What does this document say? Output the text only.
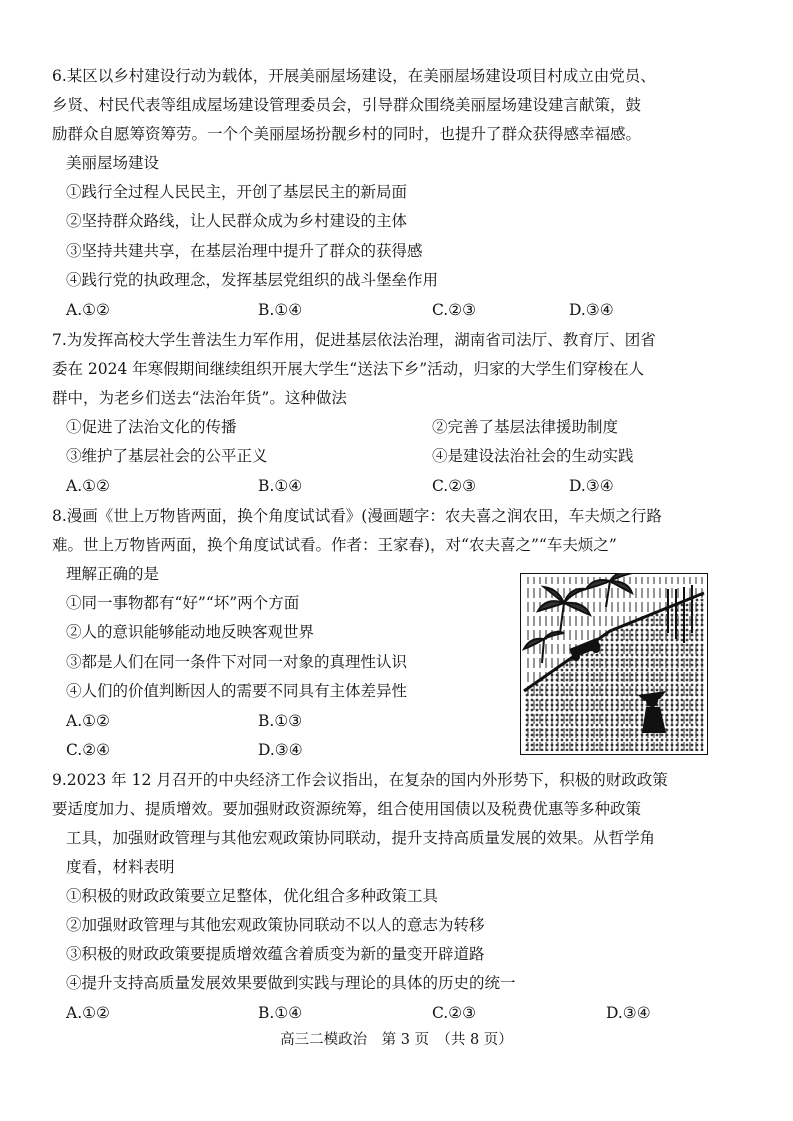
6.某区以乡村建设行动为载体，开展美丽屋场建设，在美丽屋场建设项目村成立由党员、
乡贤、村民代表等组成屋场建设管理委员会，引导群众围绕美丽屋场建设建言献策，鼓
励群众自愿筹资筹劳。一个个美丽屋场扮靓乡村的同时，也提升了群众获得感幸福感。
美丽屋场建设
①践行全过程人民民主，开创了基层民主的新局面
②坚持群众路线，让人民群众成为乡村建设的主体
③坚持共建共享，在基层治理中提升了群众的获得感
④践行党的执政理念，发挥基层党组织的战斗堡垒作用
A.①②	B.①④	C.②③	D.③④
7.为发挥高校大学生普法生力军作用，促进基层依法治理，湖南省司法厅、教育厅、团省
委在 2024 年寒假期间继续组织开展大学生“送法下乡”活动，归家的大学生们穿梭在人
群中，为老乡们送去“法治年货”。这种做法
①促进了法治文化的传播	②完善了基层法律援助制度
③维护了基层社会的公平正义	④是建设法治社会的生动实践
A.①②	B.①④	C.②③	D.③④
8.漫画《世上万物皆两面，换个角度试试看》(漫画题字：农夫喜之润农田，车夫烦之行路
难。世上万物皆两面，换个角度试试看。作者：王家春)，对“农夫喜之”“车夫烦之”
理解正确的是
①同一事物都有“好”“坏”两个方面
②人的意识能够能动地反映客观世界
③都是人们在同一条件下对同一对象的真理性认识
④人们的价值判断因人的需要不同具有主体差异性
A.①②	B.①③
C.②④	D.③④
9.2023 年 12 月召开的中央经济工作会议指出，在复杂的国内外形势下，积极的财政政策
要适度加力、提质增效。要加强财政资源统筹，组合使用国债以及税费优惠等多种政策
工具，加强财政管理与其他宏观政策协同联动，提升支持高质量发展的效果。从哲学角
度看，材料表明
①积极的财政政策要立足整体，优化组合多种政策工具
②加强财政管理与其他宏观政策协同联动不以人的意志为转移
③积极的财政政策要提质增效蕴含着质变为新的量变开辟道路
④提升支持高质量发展效果要做到实践与理论的具体的历史的统一
A.①②	B.①④	C.②③	D.③④
高三二模政治　第 3 页　（共 8 页）
